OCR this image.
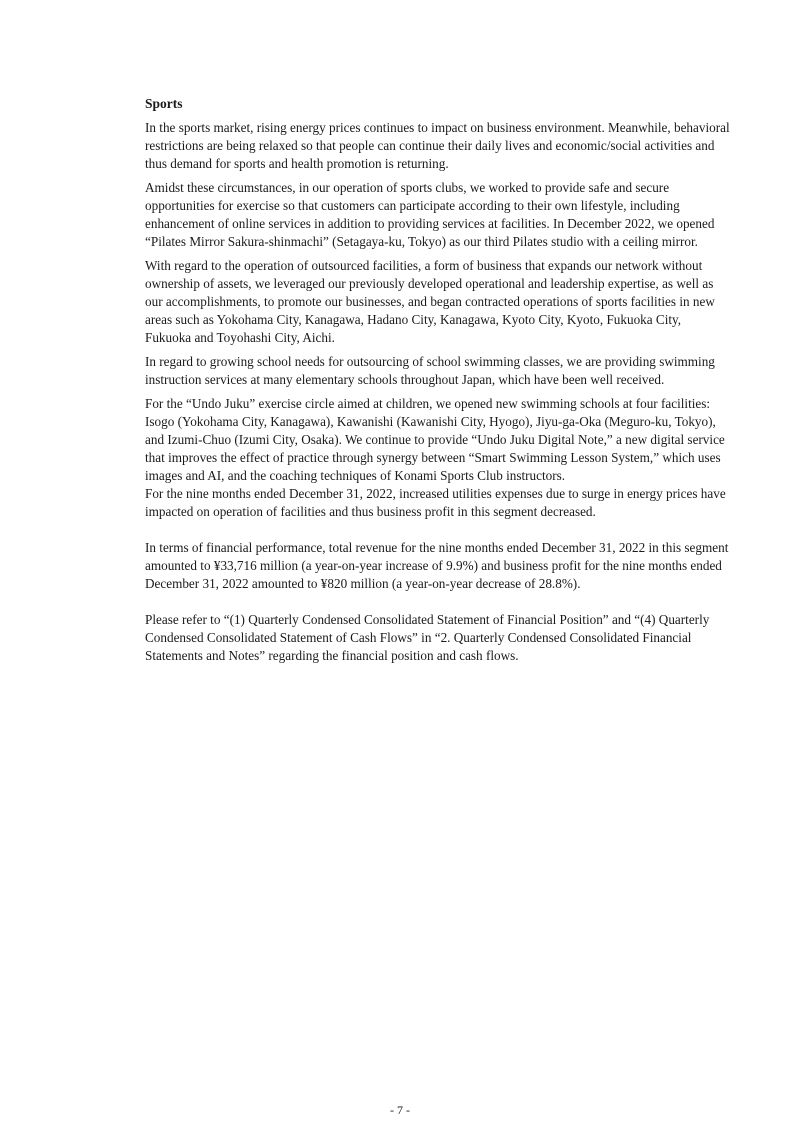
Sports

In the sports market, rising energy prices continues to impact on business environment. Meanwhile, behavioral restrictions are being relaxed so that people can continue their daily lives and economic/social activities and thus demand for sports and health promotion is returning.

Amidst these circumstances, in our operation of sports clubs, we worked to provide safe and secure opportunities for exercise so that customers can participate according to their own lifestyle, including enhancement of online services in addition to providing services at facilities. In December 2022, we opened “Pilates Mirror Sakura-shinmachi” (Setagaya-ku, Tokyo) as our third Pilates studio with a ceiling mirror.

With regard to the operation of outsourced facilities, a form of business that expands our network without ownership of assets, we leveraged our previously developed operational and leadership expertise, as well as our accomplishments, to promote our businesses, and began contracted operations of sports facilities in new areas such as Yokohama City, Kanagawa, Hadano City, Kanagawa, Kyoto City, Kyoto, Fukuoka City, Fukuoka and Toyohashi City, Aichi.

In regard to growing school needs for outsourcing of school swimming classes, we are providing swimming instruction services at many elementary schools throughout Japan, which have been well received.

For the “Undo Juku” exercise circle aimed at children, we opened new swimming schools at four facilities: Isogo (Yokohama City, Kanagawa), Kawanishi (Kawanishi City, Hyogo), Jiyu-ga-Oka (Meguro-ku, Tokyo), and Izumi-Chuo (Izumi City, Osaka). We continue to provide “Undo Juku Digital Note,” a new digital service that improves the effect of practice through synergy between “Smart Swimming Lesson System,” which uses images and AI, and the coaching techniques of Konami Sports Club instructors.

For the nine months ended December 31, 2022, increased utilities expenses due to surge in energy prices have impacted on operation of facilities and thus business profit in this segment decreased.

In terms of financial performance, total revenue for the nine months ended December 31, 2022 in this segment amounted to ¥33,716 million (a year-on-year increase of 9.9%) and business profit for the nine months ended December 31, 2022 amounted to ¥820 million (a year-on-year decrease of 28.8%).

Please refer to “(1) Quarterly Condensed Consolidated Statement of Financial Position” and “(4) Quarterly Condensed Consolidated Statement of Cash Flows” in “2. Quarterly Condensed Consolidated Financial Statements and Notes” regarding the financial position and cash flows.

- 7 -
